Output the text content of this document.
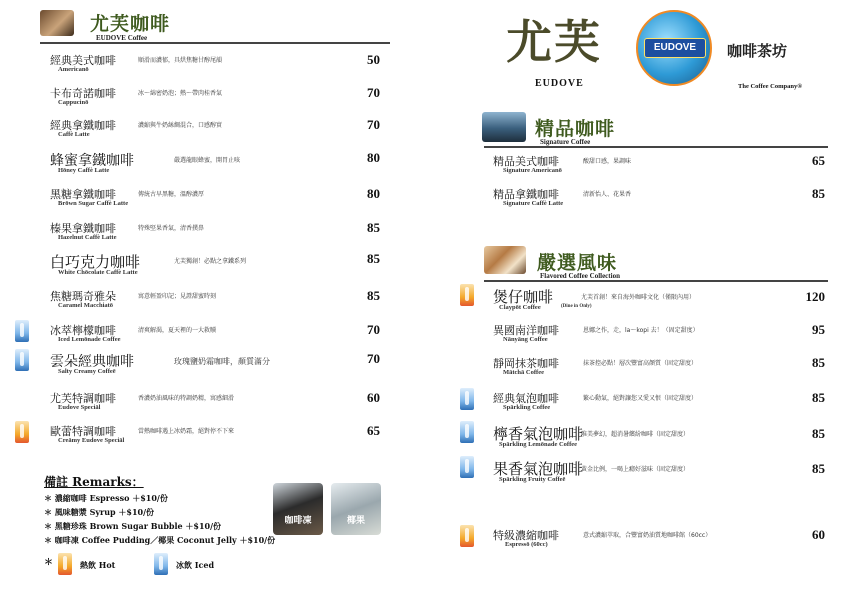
尤芙咖啡
EUDOVE Coffee
經典美式咖啡
Americanō
順滑而濃郁，具烘焦糖甘醇尾韻	50
卡布奇諾咖啡
Cappucinō
冰～綿密奶泡；熱～帶肉桂香氣	70
經典拿鐵咖啡
Caffè Latte
濃縮與牛奶絲綢混合，口感醇實	70
蜂蜜拿鐵咖啡
Hōney Caffè Latte
嚴選龍眼蜂蜜，開胃止咳	80
黑糖拿鐵咖啡
Brōwn Sugar Caffè Latte
傳統古早黑糖，溫醇濃厚	80
榛果拿鐵咖啡
Hazelnut Caffè Latte
特殊堅果香氣，清香撲鼻	85
白巧克力咖啡
White Chōcolate Caffè Latte
尤芙獨創！必點之拿鐵系列	85
焦糖瑪奇雅朵
Caramel Macchiatō
寓意輕盈印記；見證甜蜜時刻	85
冰萃檸檬咖啡
Iced Lemōnade Coffee
清爽解渴，夏天裡的一大救贖	70
雲朵經典咖啡
Salty Creamy Coffeē
玫瑰鹽奶霜咖啡，顏質滿分	70
尤芙特調咖啡
Eudove Speciāl
香濃奶油風味的特調奶精，寓感細滑	60
歐蕾特調咖啡
Creāmy Eudove Speciāl
當熱咖啡遇上冰奶霜，絕對停不下來	65
備註 Remarks：
＊ 濃縮咖啡 Espresso ＋$10/份
＊ 風味糖漿 Syrup ＋$10/份
＊ 黑糖珍珠 Brown Sugar Bubble ＋$10/份
＊ 咖啡凍 Coffee Pudding／椰果 Coconut Jelly ＋$10/份
＊	熱飲 Hot	冰飲 Iced
咖啡凍	椰果
尤芙
EUDOVE
EUDOVE	咖啡茶坊
The Coffee Company®
精品咖啡
Signature Coffee
嚴選風味
Flavored Coffee Collection
精品美式咖啡
Signature Americanō
酸甜口感，果調味	65
精品拿鐵咖啡
Signature Caffè Latte
清新怡人、花果香	85
煲仔咖啡
Claypōt Coffee	(Dine in Only)
尤芙首創！來自海外咖啡文化（僅限內用）	120
異國南洋咖啡
Nānyāng Coffee
恩娜之作，走，la～kopi 去！（固定甜度）	95
靜岡抹茶咖啡
Mātchā Coffee
抹茶控必點！層次豐富高顏質（固定甜度）	85
經典氣泡咖啡
Spārkling Coffee
繁心動氣，絕對讓您又愛又恨（固定甜度）	85
檸香氣泡咖啡
Spārkling Lemōnade Coffee
唯美夢幻，超消暑繽紛咖啡（固定甜度）	85
果香氣泡咖啡
Spārkling Fruity Coffeē
黃金比例，一喝上癮好滋味（固定甜度）	85
特級濃縮咖啡
Espressō (60cc)
意式濃縮萃取，合豐富奶油質地咖啡館（60cc）	60
